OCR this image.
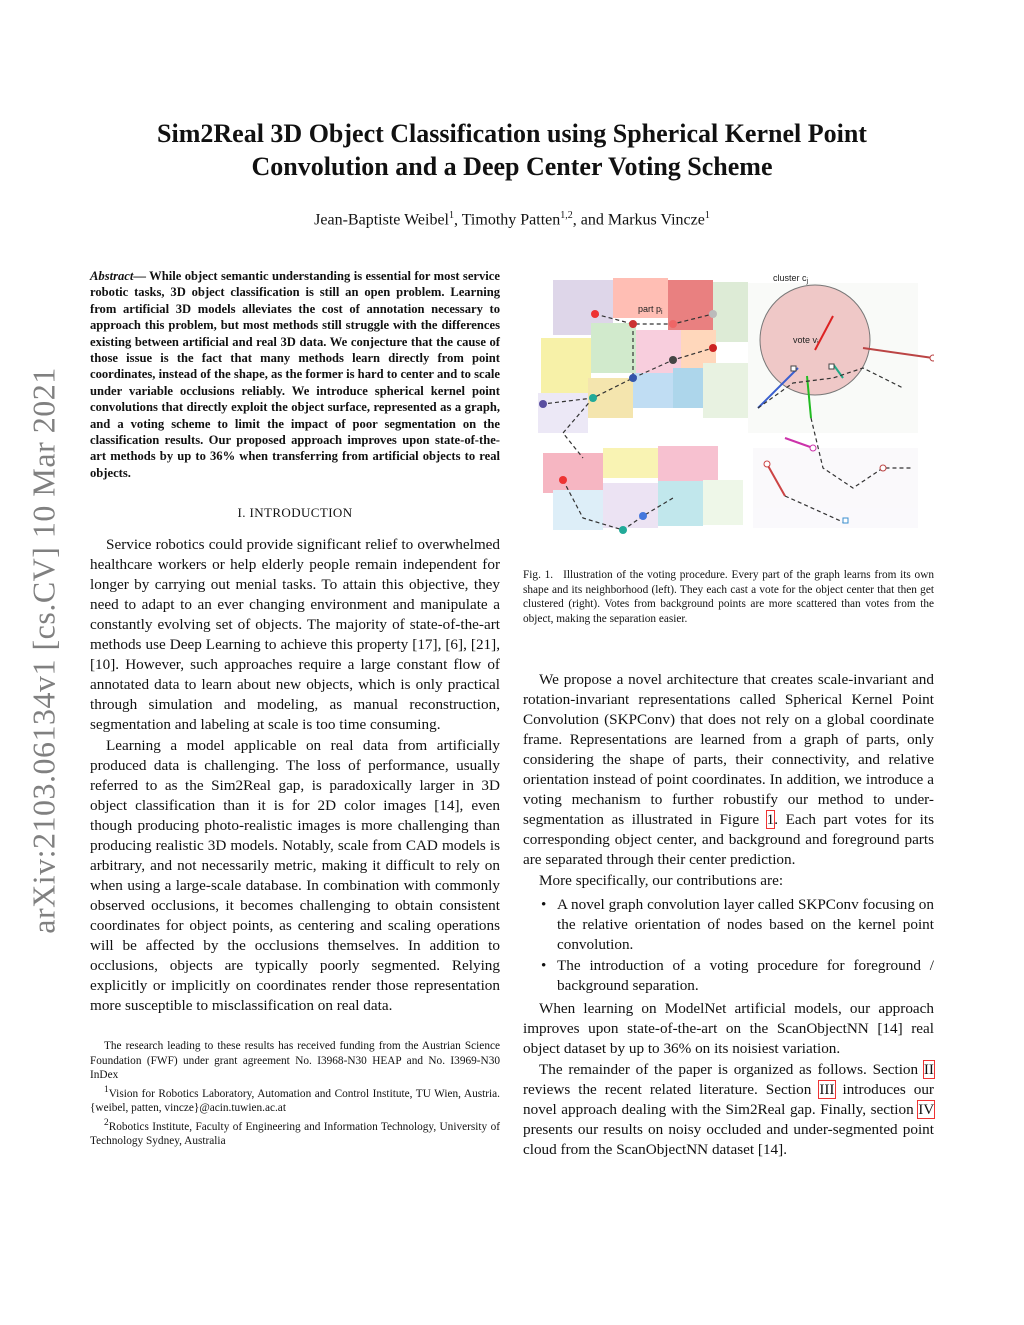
arXiv:2103.06134v1 [cs.CV] 10 Mar 2021
Sim2Real 3D Object Classification using Spherical Kernel Point
Convolution and a Deep Center Voting Scheme
Jean-Baptiste Weibel$^1$, Timothy Patten$^{1,2}$, and Markus Vincze$^1$
Abstract— While object semantic understanding is essential for most service robotic tasks, 3D object classification is still an open problem. Learning from artificial 3D models alleviates the cost of annotation necessary to approach this problem, but most methods still struggle with the differences existing between artificial and real 3D data. We conjecture that the cause of those issue is the fact that many methods learn directly from point coordinates, instead of the shape, as the former is hard to center and to scale under variable occlusions reliably. We introduce spherical kernel point convolutions that directly exploit the object surface, represented as a graph, and a voting scheme to limit the impact of poor segmentation on the classification results. Our proposed approach improves upon state-of-the-art methods by up to 36% when transferring from artificial objects to real objects.
I. INTRODUCTION

Service robotics could provide significant relief to overwhelmed healthcare workers or help elderly people remain independent for longer by carrying out menial tasks. To attain this objective, they need to adapt to an ever changing environment and manipulate a constantly evolving set of objects. The majority of state-of-the-art methods use Deep Learning to achieve this property [17], [6], [21], [10]. However, such approaches require a large constant flow of annotated data to learn about new objects, which is only practical through simulation and modeling, as manual reconstruction, segmentation and labeling at scale is too time consuming.

Learning a model applicable on real data from artificially produced data is challenging. The loss of performance, usually referred to as the Sim2Real gap, is paradoxically larger in 3D object classification than it is for 2D color images [14], even though producing photo-realistic images is more challenging than producing realistic 3D models. Notably, scale from CAD models is arbitrary, and not necessarily metric, making it difficult to rely on when using a large-scale database. In combination with commonly observed occlusions, it becomes challenging to obtain consistent coordinates for object points, as centering and scaling operations will be affected by the occlusions themselves. In addition to occlusions, objects are typically poorly segmented. Relying explicitly or implicitly on coordinates render those representation more susceptible to misclassification on real data.

The research leading to these results has received funding from the Austrian Science Foundation (FWF) under grant agreement No. I3968-N30 HEAP and No. I3969-N30 InDex

$^1$Vision for Robotics Laboratory, Automation and Control Institute, TU Wien, Austria. {weibel, patten, vincze}@acin.tuwien.ac.at

$^2$Robotics Institute, Faculty of Engineering and Information Technology, University of Technology Sydney, Australia

part $p_i$
cluster $c_j$
vote v
Fig. 1. Illustration of the voting procedure. Every part of the graph learns from its own shape and its neighborhood (left). They each cast a vote for the object center that then get clustered (right). Votes from background points are more scattered than votes from the object, making the separation easier.

We propose a novel architecture that creates scale-invariant and rotation-invariant representations called Spherical Kernel Point Convolution (SKPConv) that does not rely on a global coordinate frame. Representations are learned from a graph of parts, only considering the shape of parts, their connectivity, and relative orientation instead of point coordinates. In addition, we introduce a voting mechanism to further robustify our method to under-segmentation as illustrated in Figure 1. Each part votes for its corresponding object center, and background and foreground parts are separated through their center prediction.

More specifically, our contributions are:

• A novel graph convolution layer called SKPConv focusing on the relative orientation of nodes based on the kernel point convolution.
• The introduction of a voting procedure for foreground / background separation.

When learning on ModelNet artificial models, our approach improves upon state-of-the-art on the ScanObjectNN [14] real object dataset by up to 36% on its noisiest variation.

The remainder of the paper is organized as follows. Section II reviews the recent related literature. Section III introduces our novel approach dealing with the Sim2Real gap. Finally, section IV presents our results on noisy occluded and under-segmented point cloud from the ScanObjectNN dataset [14].
